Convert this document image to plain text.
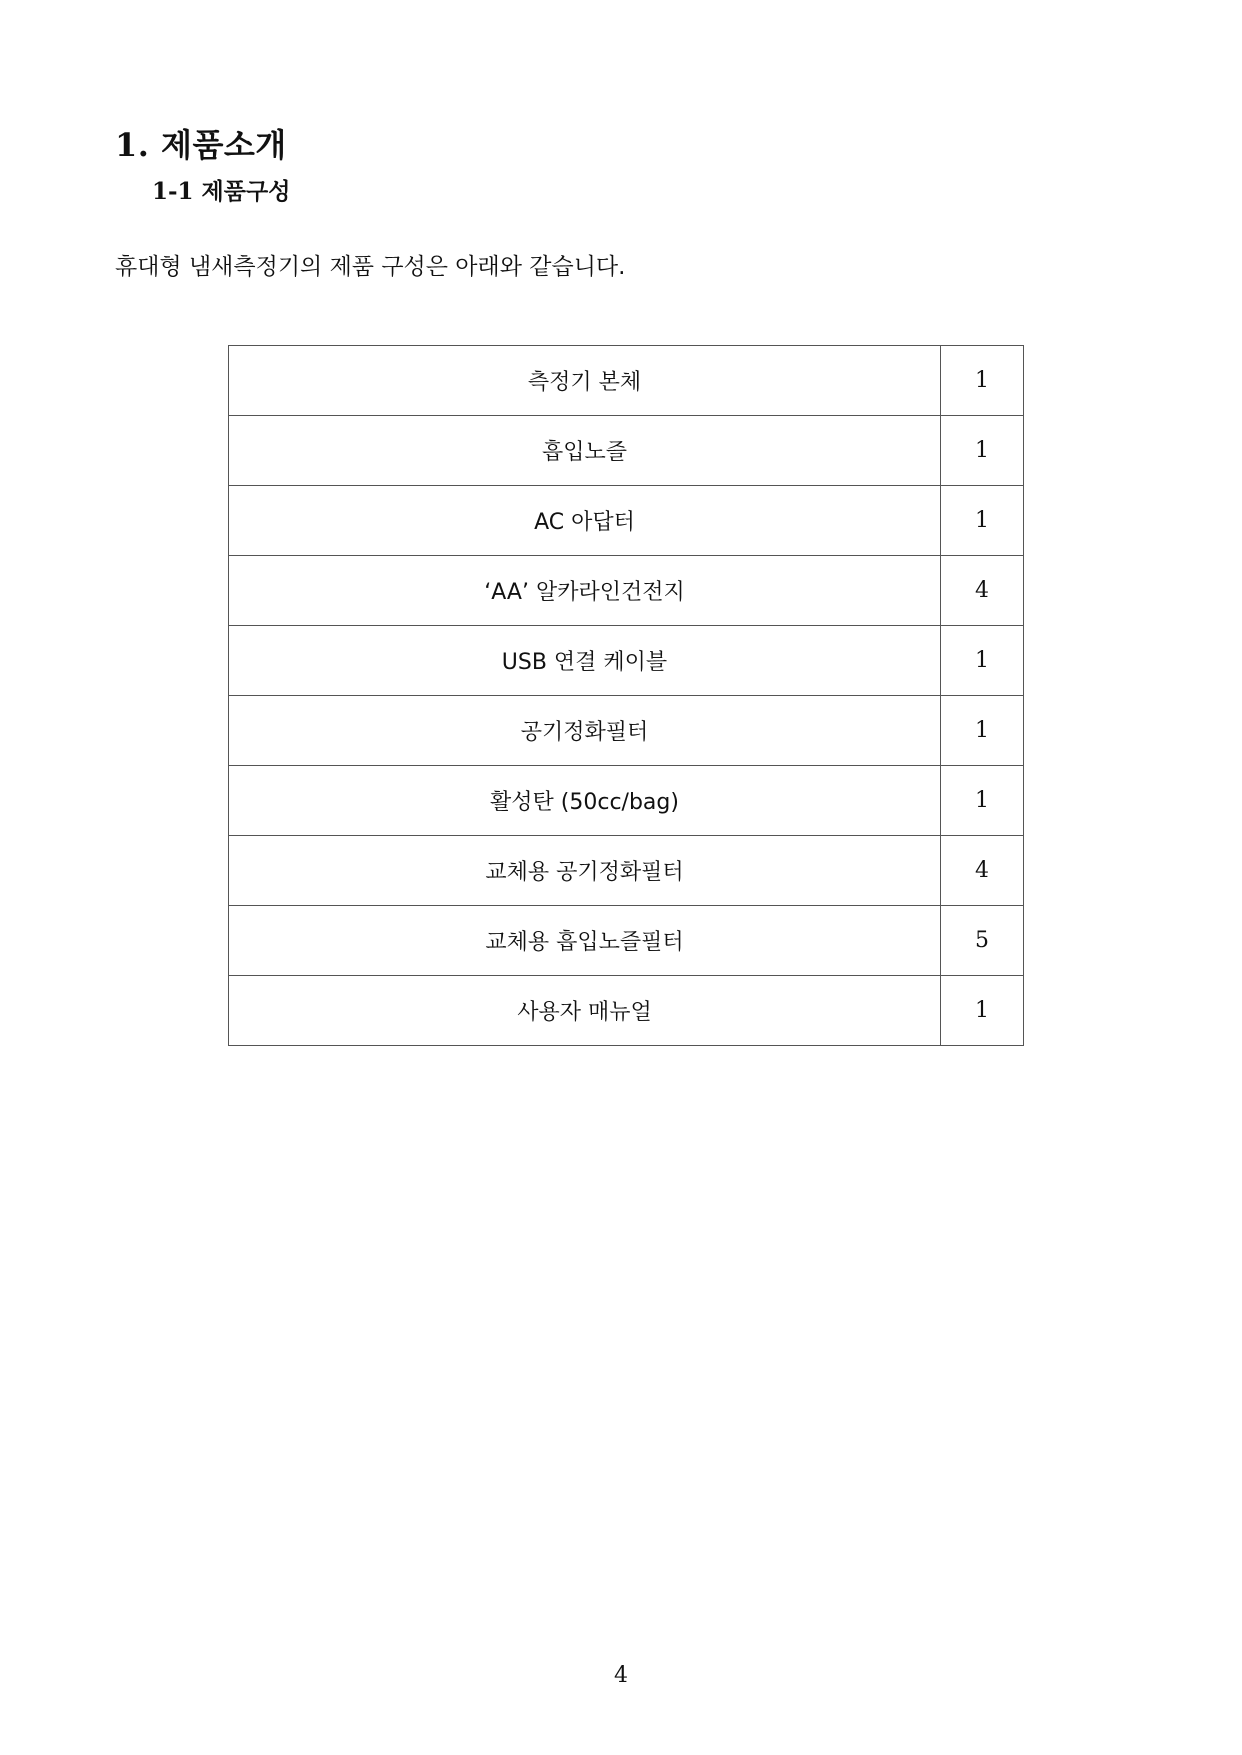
1. 제품소개
1-1 제품구성
휴대형 냄새측정기의 제품 구성은 아래와 같습니다.
측정기 본체	1
흡입노즐	1
AC 아답터	1
‘AA’ 알카라인건전지	4
USB 연결 케이블	1
공기정화필터	1
활성탄 (50cc/bag)	1
교체용 공기정화필터	4
교체용 흡입노즐필터	5
사용자 매뉴얼	1
4
